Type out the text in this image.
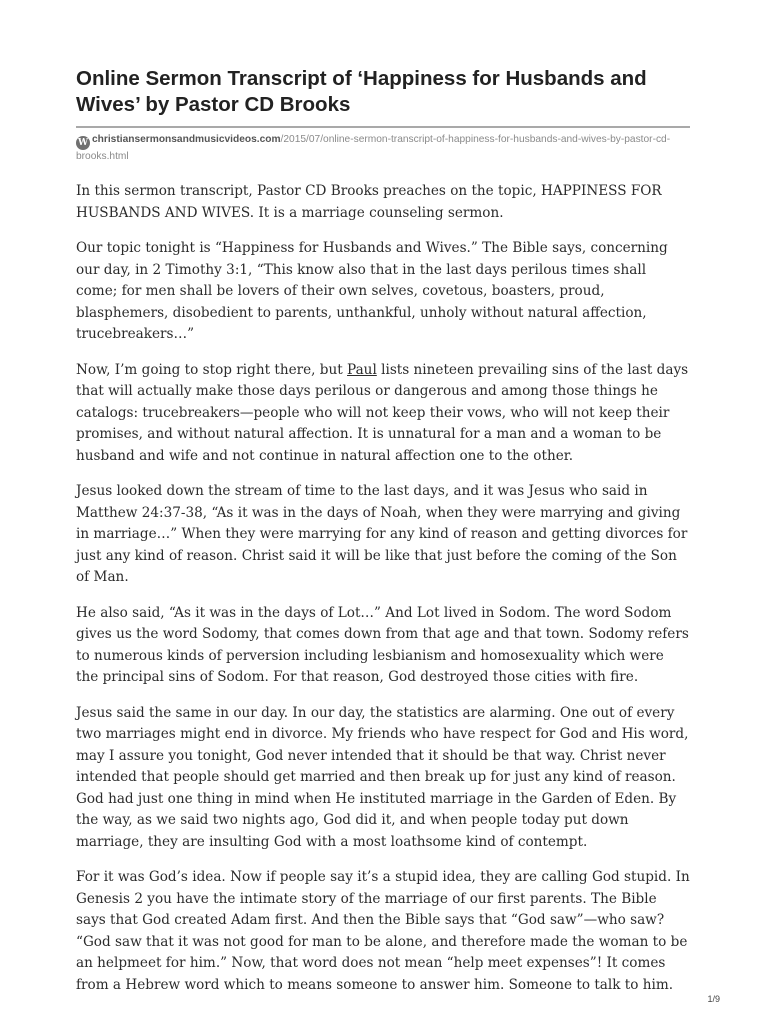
Online Sermon Transcript of ‘Happiness for Husbands and Wives’ by Pastor CD Brooks
W christiansermonsandmusicvideos.com/2015/07/online-sermon-transcript-of-happiness-for-husbands-and-wives-by-pastor-cd-brooks.html

In this sermon transcript, Pastor CD Brooks preaches on the topic, HAPPINESS FOR HUSBANDS AND WIVES. It is a marriage counseling sermon.

Our topic tonight is “Happiness for Husbands and Wives.” The Bible says, concerning our day, in 2 Timothy 3:1, “This know also that in the last days perilous times shall come; for men shall be lovers of their own selves, covetous, boasters, proud, blasphemers, disobedient to parents, unthankful, unholy without natural affection, trucebreakers…”

Now, I’m going to stop right there, but Paul lists nineteen prevailing sins of the last days that will actually make those days perilous or dangerous and among those things he catalogs: trucebreakers—people who will not keep their vows, who will not keep their promises, and without natural affection. It is unnatural for a man and a woman to be husband and wife and not continue in natural affection one to the other.

Jesus looked down the stream of time to the last days, and it was Jesus who said in Matthew 24:37-38, “As it was in the days of Noah, when they were marrying and giving in marriage…” When they were marrying for any kind of reason and getting divorces for just any kind of reason. Christ said it will be like that just before the coming of the Son of Man.

He also said, “As it was in the days of Lot…” And Lot lived in Sodom. The word Sodom gives us the word Sodomy, that comes down from that age and that town. Sodomy refers to numerous kinds of perversion including lesbianism and homosexuality which were the principal sins of Sodom. For that reason, God destroyed those cities with fire.

Jesus said the same in our day. In our day, the statistics are alarming. One out of every two marriages might end in divorce. My friends who have respect for God and His word, may I assure you tonight, God never intended that it should be that way. Christ never intended that people should get married and then break up for just any kind of reason. God had just one thing in mind when He instituted marriage in the Garden of Eden. By the way, as we said two nights ago, God did it, and when people today put down marriage, they are insulting God with a most loathsome kind of contempt.

For it was God’s idea. Now if people say it’s a stupid idea, they are calling God stupid. In Genesis 2 you have the intimate story of the marriage of our first parents. The Bible says that God created Adam first. And then the Bible says that “God saw”—who saw? “God saw that it was not good for man to be alone, and therefore made the woman to be an helpmeet for him.” Now, that word does not mean “help meet expenses”! It comes from a Hebrew word which to means someone to answer him. Someone to talk to him.

1/9
